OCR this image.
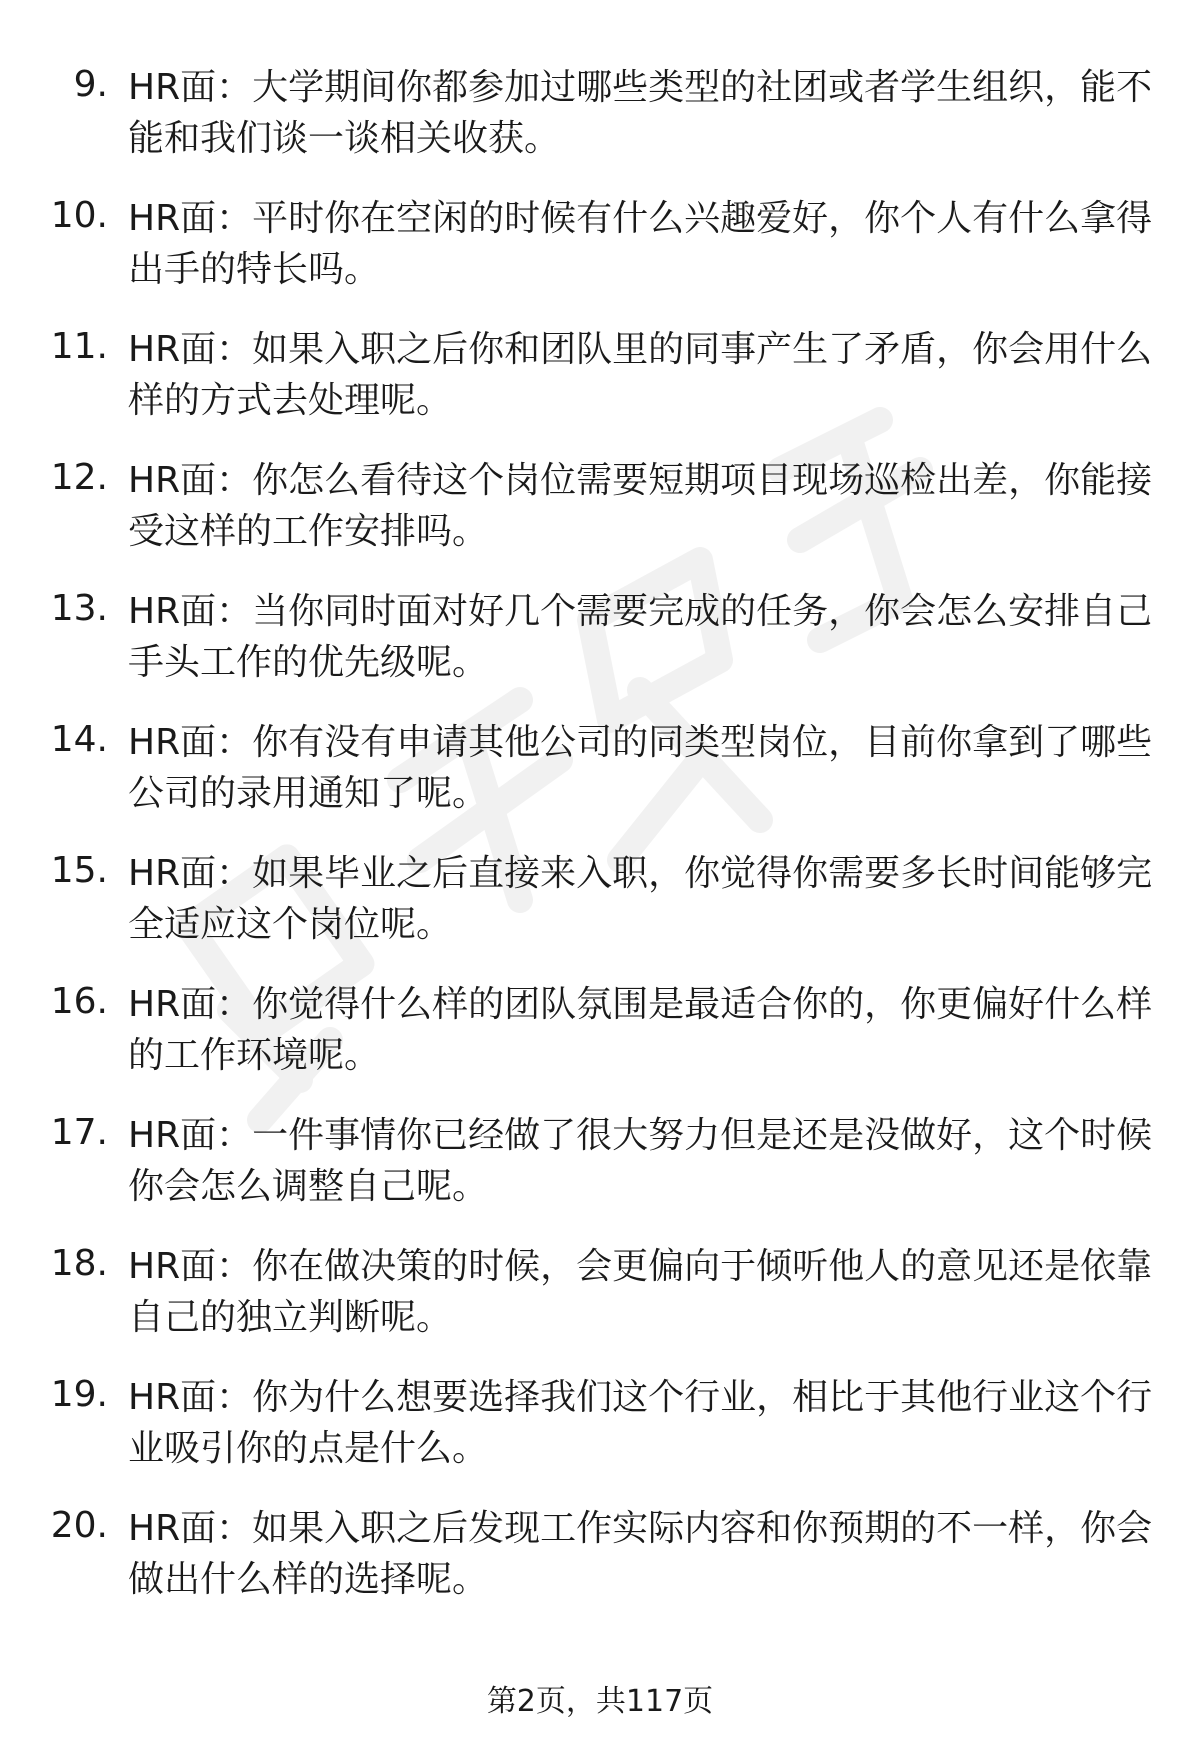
9. HR面：大学期间你都参加过哪些类型的社团或者学生组织，能不能和我们谈一谈相关收获。
10. HR面：平时你在空闲的时候有什么兴趣爱好，你个人有什么拿得出手的特长吗。
11. HR面：如果入职之后你和团队里的同事产生了矛盾，你会用什么样的方式去处理呢。
12. HR面：你怎么看待这个岗位需要短期项目现场巡检出差，你能接受这样的工作安排吗。
13. HR面：当你同时面对好几个需要完成的任务，你会怎么安排自己手头工作的优先级呢。
14. HR面：你有没有申请其他公司的同类型岗位，目前你拿到了哪些公司的录用通知了呢。
15. HR面：如果毕业之后直接来入职，你觉得你需要多长时间能够完全适应这个岗位呢。
16. HR面：你觉得什么样的团队氛围是最适合你的，你更偏好什么样的工作环境呢。
17. HR面：一件事情你已经做了很大努力但是还是没做好，这个时候你会怎么调整自己呢。
18. HR面：你在做决策的时候，会更偏向于倾听他人的意见还是依靠自己的独立判断呢。
19. HR面：你为什么想要选择我们这个行业，相比于其他行业这个行业吸引你的点是什么。
20. HR面：如果入职之后发现工作实际内容和你预期的不一样，你会做出什么样的选择呢。
第2页，共117页
